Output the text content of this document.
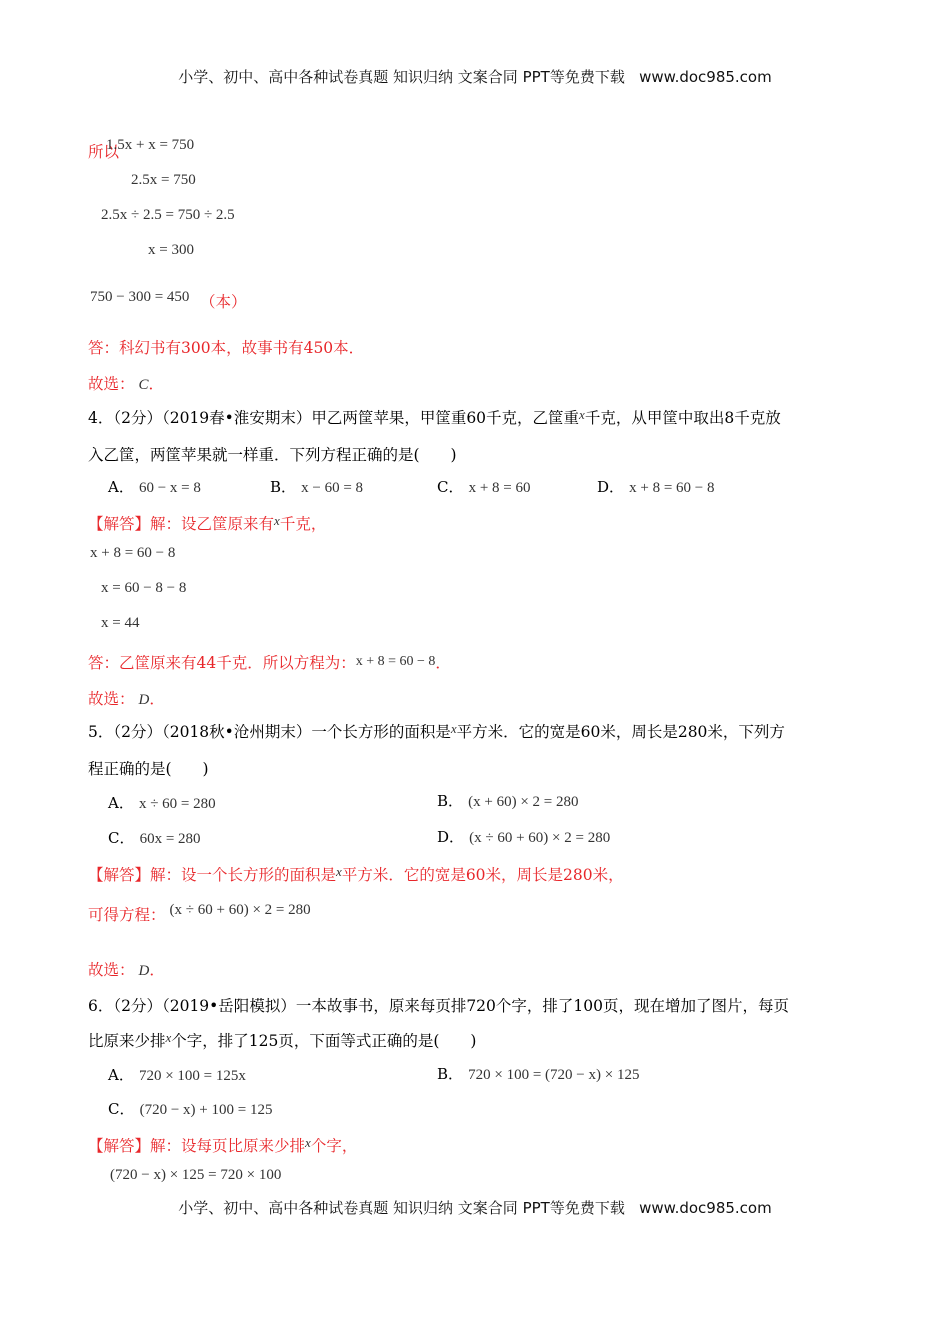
小学、初中、高中各种试卷真题 知识归纳 文案合同 PPT等免费下载 www.doc985.com
所以
1.5x + x = 750
2.5x = 750
2.5x ÷ 2.5 = 750 ÷ 2.5
x = 300
750 − 300 = 450 （本）
答：科幻书有300本，故事书有450本．
故选： C．
4．（2分）（2019春•淮安期末）甲乙两筐苹果，甲筐重60千克，乙筐重$^x$千克，从甲筐中取出8千克放
入乙筐，两筐苹果就一样重．下列方程正确的是(　　)
A． 60 − x = 8	B． x − 60 = 8	C． x + 8 = 60	D． x + 8 = 60 − 8
【解答】解：设乙筐原来有$^x$千克，
x + 8 = 60 − 8
x = 60 − 8 − 8
x = 44
答：乙筐原来有44千克．所以方程为：x + 8 = 60 − 8．
故选： D．
5．（2分）（2018秋•沧州期末）一个长方形的面积是$^x$平方米．它的宽是60米，周长是280米，下列方
程正确的是(　　)
A． x ÷ 60 = 280	B． (x + 60) × 2 = 280
C． 60x = 280	D． (x ÷ 60 + 60) × 2 = 280
【解答】解：设一个长方形的面积是$^x$平方米．它的宽是60米，周长是280米，
可得方程： (x ÷ 60 + 60) × 2 = 280
故选： D．
6．（2分）（2019•岳阳模拟）一本故事书，原来每页排720个字，排了100页，现在增加了图片，每页
比原来少排$^x$个字，排了125页，下面等式正确的是(　　)
A． 720 × 100 = 125x	B． 720 × 100 = (720 − x) × 125
C． (720 − x) + 100 = 125
【解答】解：设每页比原来少排$^x$个字，
(720 − x) × 125 = 720 × 100
小学、初中、高中各种试卷真题 知识归纳 文案合同 PPT等免费下载 www.doc985.com
